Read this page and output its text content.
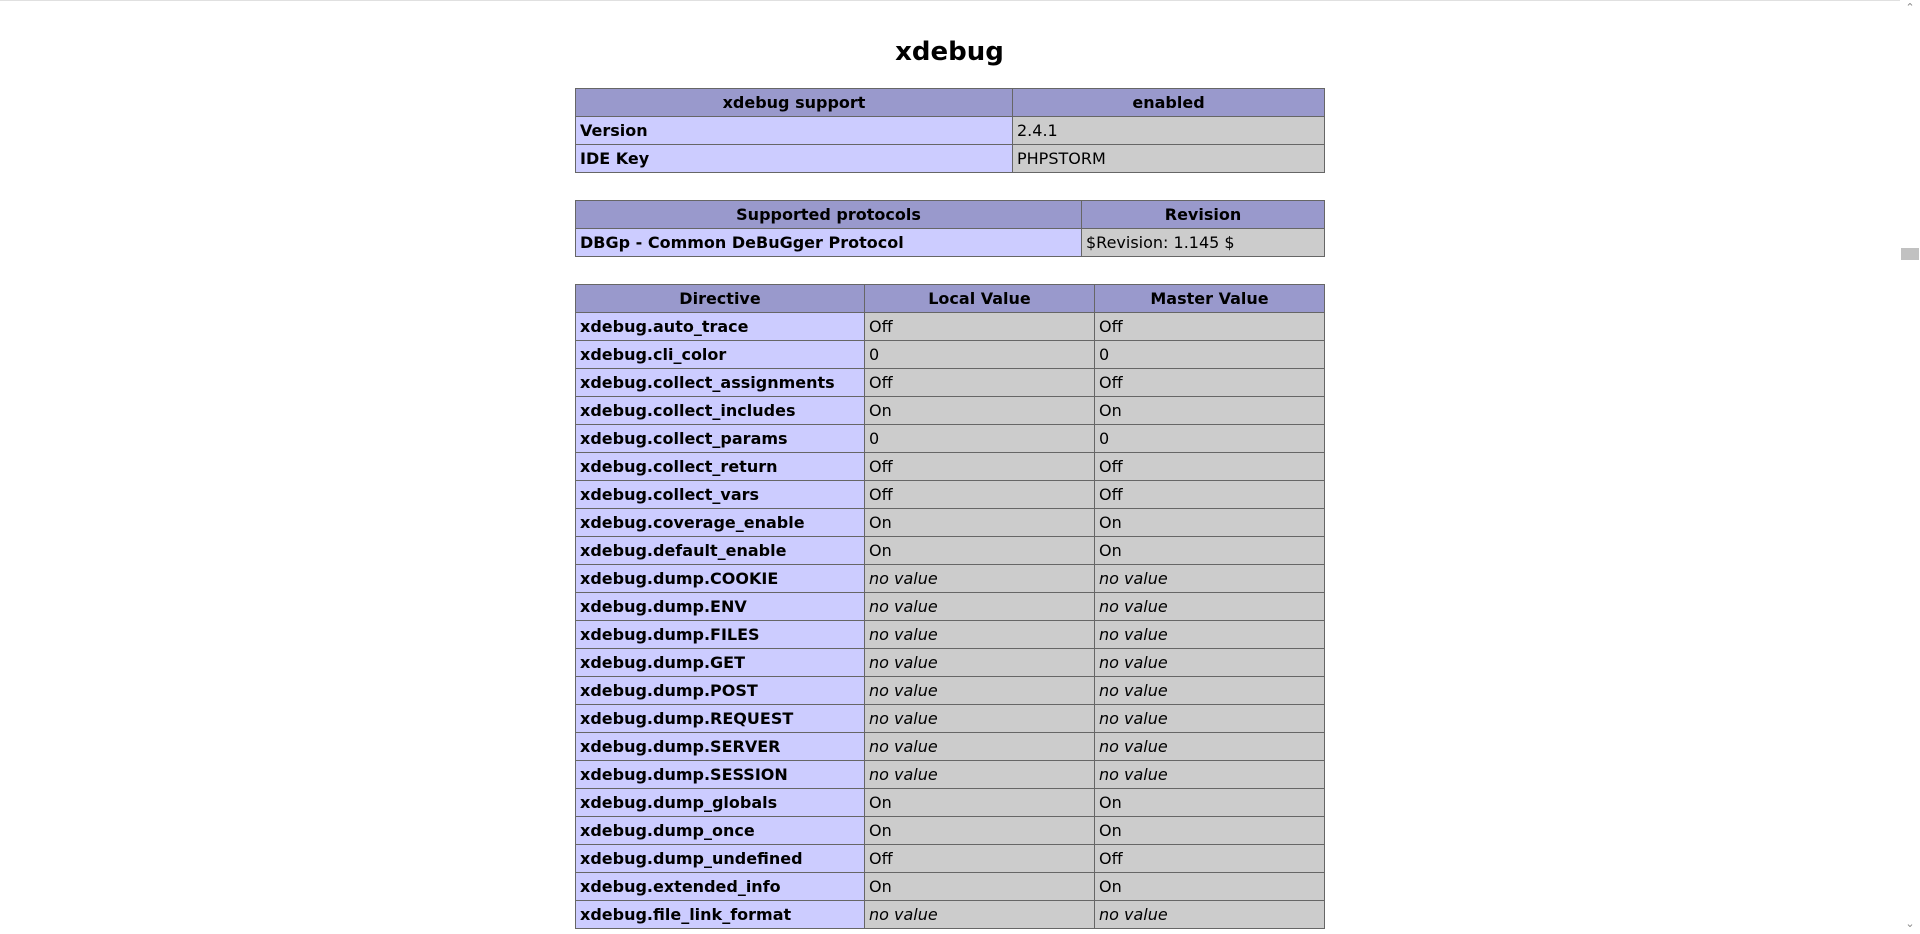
xdebug
xdebug support	enabled
Version	2.4.1
IDE Key	PHPSTORM
Supported protocols	Revision
DBGp - Common DeBuGger Protocol	$Revision: 1.145 $
Directive	Local Value	Master Value
xdebug.auto_trace	Off	Off
xdebug.cli_color	0	0
xdebug.collect_assignments	Off	Off
xdebug.collect_includes	On	On
xdebug.collect_params	0	0
xdebug.collect_return	Off	Off
xdebug.collect_vars	Off	Off
xdebug.coverage_enable	On	On
xdebug.default_enable	On	On
xdebug.dump.COOKIE	no value	no value
xdebug.dump.ENV	no value	no value
xdebug.dump.FILES	no value	no value
xdebug.dump.GET	no value	no value
xdebug.dump.POST	no value	no value
xdebug.dump.REQUEST	no value	no value
xdebug.dump.SERVER	no value	no value
xdebug.dump.SESSION	no value	no value
xdebug.dump_globals	On	On
xdebug.dump_once	On	On
xdebug.dump_undefined	Off	Off
xdebug.extended_info	On	On
xdebug.file_link_format	no value	no value
⌃
⌄
